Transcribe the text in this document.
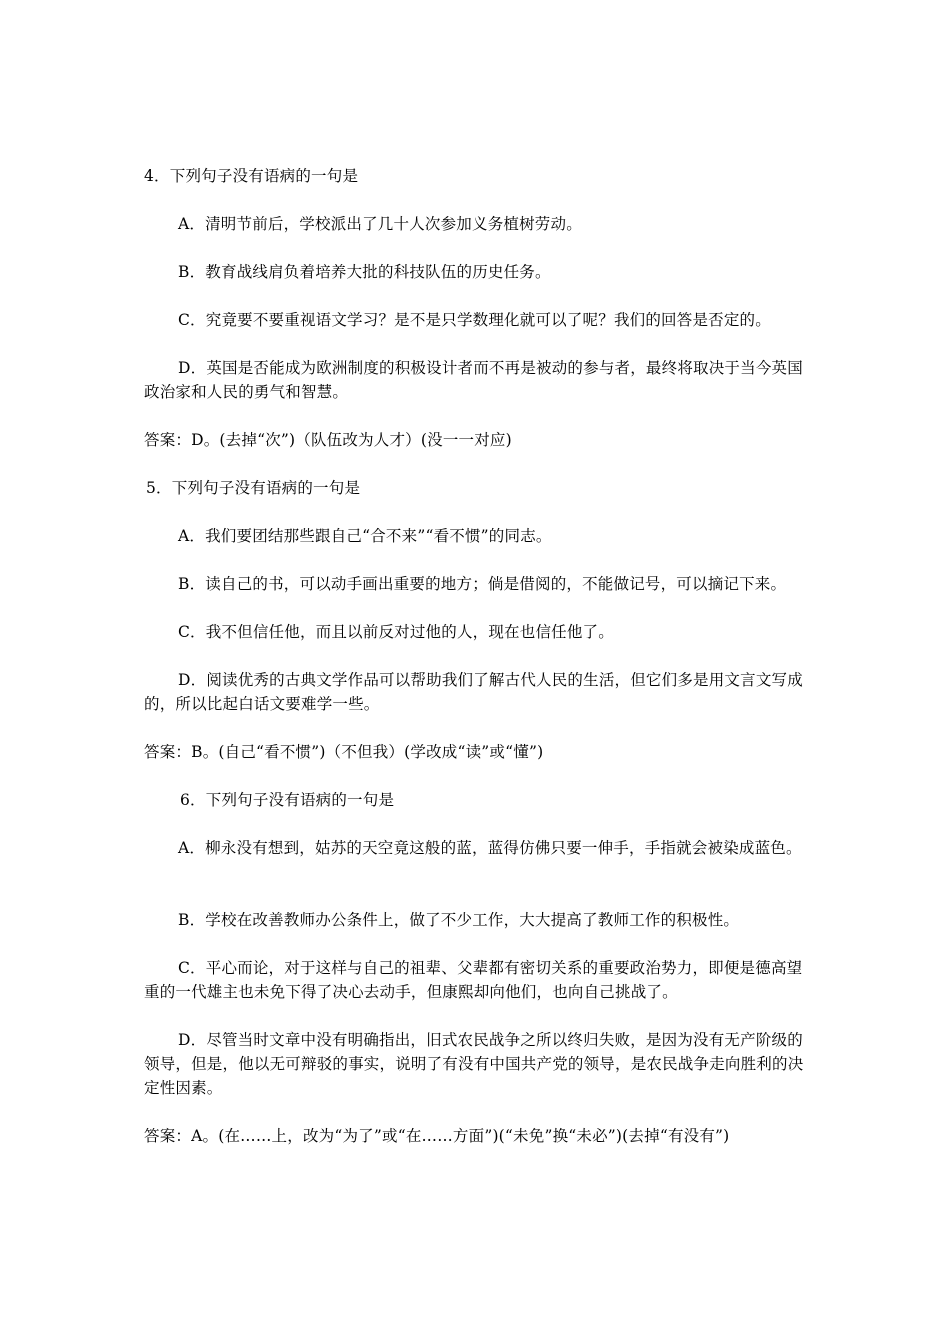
4．下列句子没有语病的一句是
A．清明节前后，学校派出了几十人次参加义务植树劳动。
B．教育战线肩负着培养大批的科技队伍的历史任务。
C．究竟要不要重视语文学习？是不是只学数理化就可以了呢？我们的回答是否定的。
D．英国是否能成为欧洲制度的积极设计者而不再是被动的参与者，最终将取决于当今英国政治家和人民的勇气和智慧。
答案：D。(去掉“次”)（队伍改为人才）(没一一对应)
5．下列句子没有语病的一句是
A．我们要团结那些跟自己“合不来”“看不惯”的同志。
B．读自己的书，可以动手画出重要的地方；倘是借阅的，不能做记号，可以摘记下来。
C．我不但信任他，而且以前反对过他的人，现在也信任他了。
D．阅读优秀的古典文学作品可以帮助我们了解古代人民的生活，但它们多是用文言文写成的，所以比起白话文要难学一些。
答案：B。(自己“看不惯”)（不但我）(学改成“读”或“懂”)
6．下列句子没有语病的一句是
A．柳永没有想到，姑苏的天空竟这般的蓝，蓝得仿佛只要一伸手，手指就会被染成蓝色。
B．学校在改善教师办公条件上，做了不少工作，大大提高了教师工作的积极性。
C．平心而论，对于这样与自己的祖辈、父辈都有密切关系的重要政治势力，即便是德高望重的一代雄主也未免下得了决心去动手，但康熙却向他们，也向自己挑战了。
D．尽管当时文章中没有明确指出，旧式农民战争之所以终归失败，是因为没有无产阶级的领导，但是，他以无可辩驳的事实，说明了有没有中国共产党的领导，是农民战争走向胜利的决定性因素。
答案：A。(在……上，改为“为了”或“在……方面”)(“未免”换“未必”)(去掉“有没有”)
